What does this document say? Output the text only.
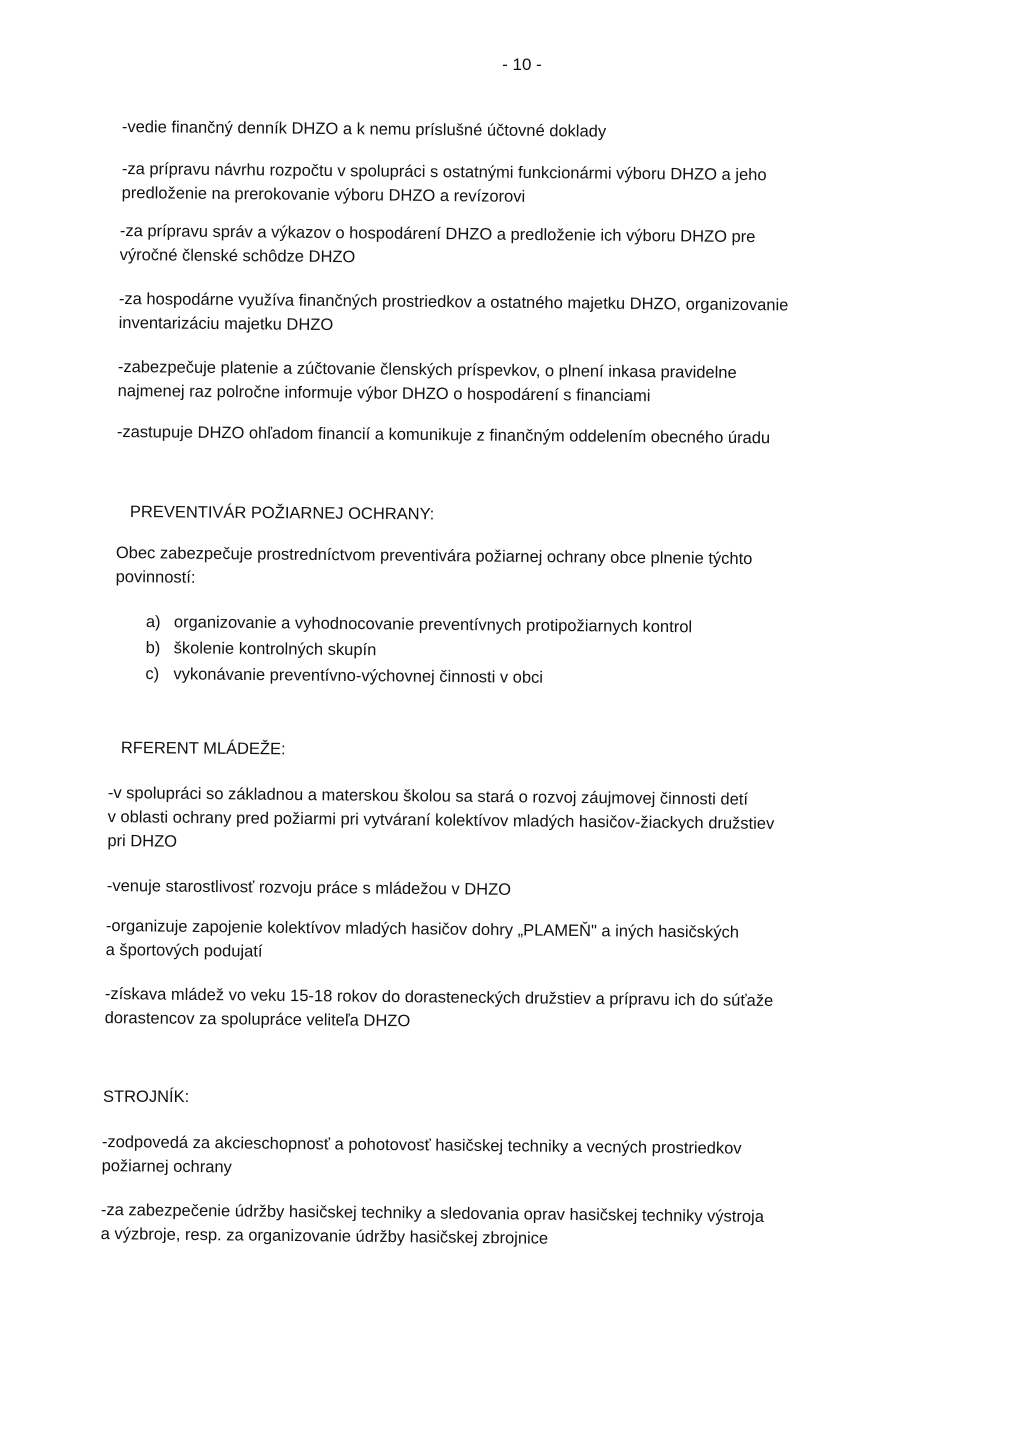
- 10 -
-vedie finančný denník DHZO a k nemu príslušné účtovné doklady
-za prípravu návrhu rozpočtu v spolupráci s ostatnými funkcionármi výboru DHZO a jeho
predloženie na prerokovanie výboru DHZO a revízorovi
-za prípravu správ a výkazov o hospodárení DHZO a predloženie ich výboru DHZO pre
výročné členské schôdze DHZO
-za hospodárne využíva finančných prostriedkov a ostatného majetku DHZO, organizovanie
inventarizáciu majetku DHZO
-zabezpečuje platenie a zúčtovanie členských príspevkov, o plnení inkasa pravidelne
najmenej raz polročne informuje výbor DHZO o hospodárení s financiami
-zastupuje DHZO ohľadom financií a komunikuje z finančným oddelením obecného úradu
PREVENTIVÁR POŽIARNEJ OCHRANY:
Obec zabezpečuje prostredníctvom preventivára požiarnej ochrany obce plnenie týchto
povinností:
a) organizovanie a vyhodnocovanie preventívnych protipožiarnych kontrol
b) školenie kontrolných skupín
c) vykonávanie preventívno-výchovnej činnosti v obci
RFERENT MLÁDEŽE:
-v spolupráci so základnou a materskou školou sa stará o rozvoj záujmovej činnosti detí
v oblasti ochrany pred požiarmi pri vytváraní kolektívov mladých hasičov-žiackych družstiev
pri DHZO
-venuje starostlivosť rozvoju práce s mládežou v DHZO
-organizuje zapojenie kolektívov mladých hasičov dohry „PLAMEŇ" a iných hasičských
a športových podujatí
-získava mládež vo veku 15-18 rokov do dorasteneckých družstiev a prípravu ich do súťaže
dorastencov za spolupráce veliteľa DHZO
STROJNÍK:
-zodpovedá za akcieschopnosť a pohotovosť hasičskej techniky a vecných prostriedkov
požiarnej ochrany
-za zabezpečenie údržby hasičskej techniky a sledovania oprav hasičskej techniky výstroja
a výzbroje, resp. za organizovanie údržby hasičskej zbrojnice
